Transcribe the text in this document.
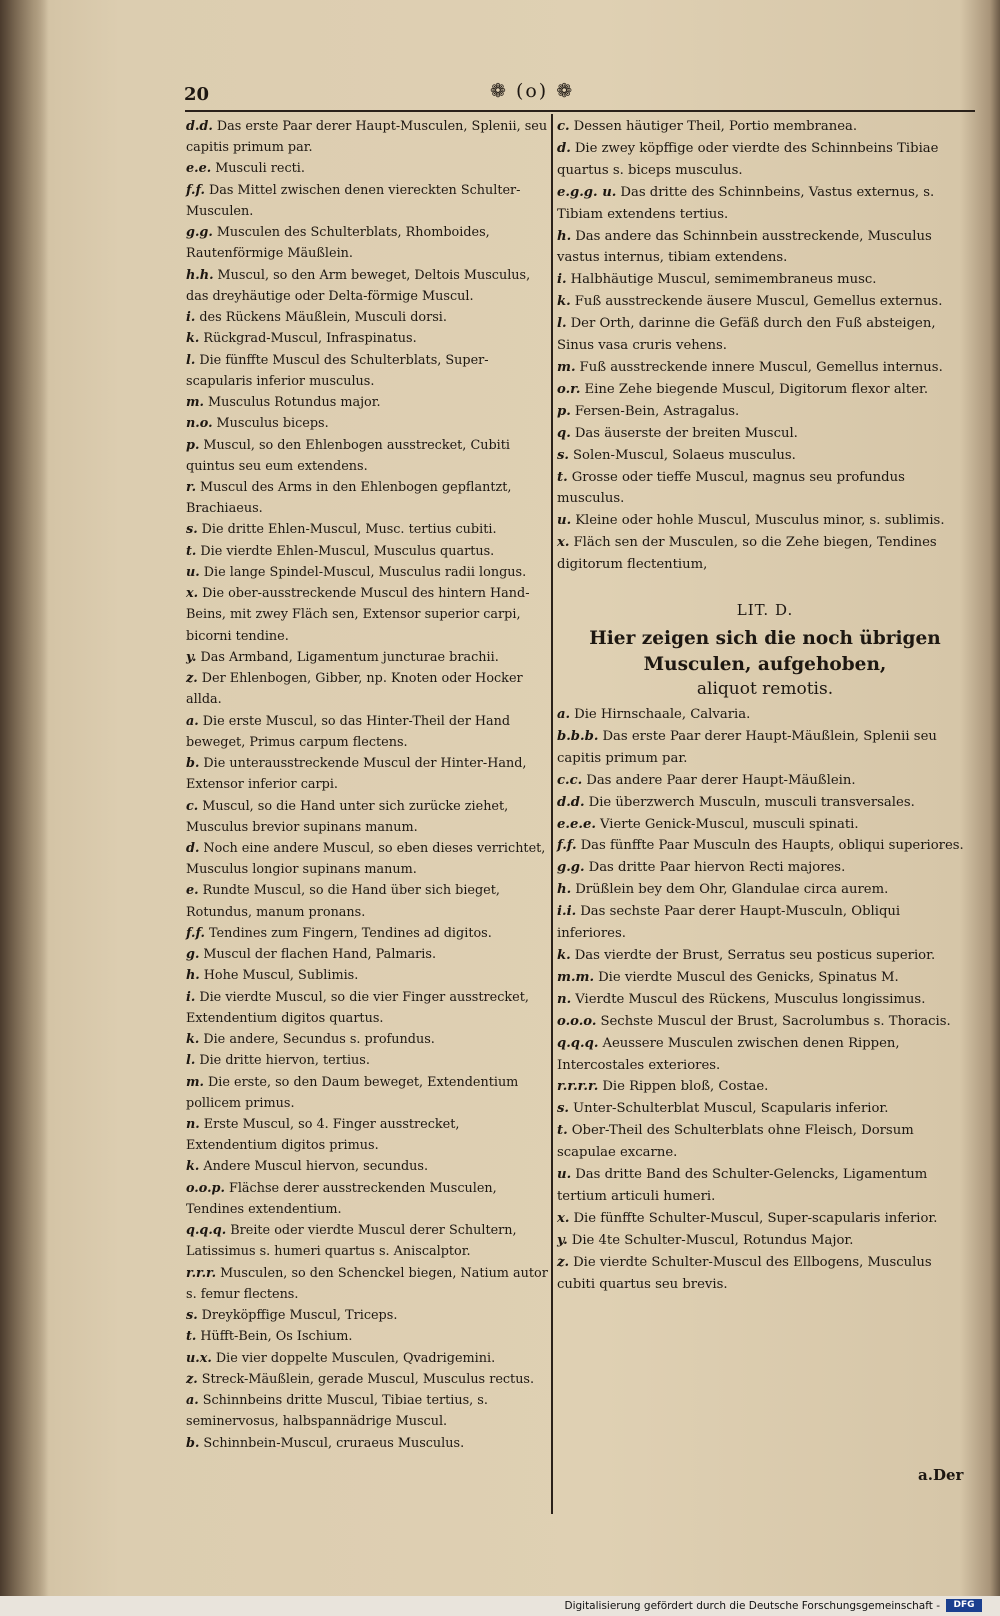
20	❁ (o) ❁
d.d. Das erste Paar derer Haupt-Musculen, Splenii, seu capitis primum par.
e.e. Musculi recti.
f.f. Das Mittel zwischen denen viereckten Schulter-Musculen.
g.g. Musculen des Schulterblats, Rhomboides, Rautenförmige Mäußlein.
h.h. Muscul, so den Arm beweget, Deltois Musculus, das dreyhäutige oder Delta-förmige Muscul.
i. des Rückens Mäußlein, Musculi dorsi.
k. Rückgrad-Muscul, Infraspinatus.
l. Die fünffte Muscul des Schulterblats, Super-scapularis inferior musculus.
m. Musculus Rotundus major.
n.o. Musculus biceps.
p. Muscul, so den Ehlenbogen ausstrecket, Cubiti quintus seu eum extendens.
r. Muscul des Arms in den Ehlenbogen gepflantzt, Brachiaeus.
s. Die dritte Ehlen-Muscul, Musc. tertius cubiti.
t. Die vierdte Ehlen-Muscul, Musculus quartus.
u. Die lange Spindel-Muscul, Musculus radii longus.
x. Die ober-ausstreckende Muscul des hintern Hand-Beins, mit zwey Fläch sen, Extensor superior carpi, bicorni tendine.
y. Das Armband, Ligamentum juncturae brachii.
z. Der Ehlenbogen, Gibber, np. Knoten oder Hocker allda.
a. Die erste Muscul, so das Hinter-Theil der Hand beweget, Primus carpum flectens.
b. Die unterausstreckende Muscul der Hinter-Hand, Extensor inferior carpi.
c. Muscul, so die Hand unter sich zurücke ziehet, Musculus brevior supinans manum.
d. Noch eine andere Muscul, so eben dieses verrichtet, Musculus longior supinans manum.
e. Rundte Muscul, so die Hand über sich bieget, Rotundus, manum pronans.
f.f. Tendines zum Fingern, Tendines ad digitos.
g. Muscul der flachen Hand, Palmaris.
h. Hohe Muscul, Sublimis.
i. Die vierdte Muscul, so die vier Finger ausstrecket, Extendentium digitos quartus.
k. Die andere, Secundus s. profundus.
l. Die dritte hiervon, tertius.
m. Die erste, so den Daum beweget, Extendentium pollicem primus.
n. Erste Muscul, so 4. Finger ausstrecket, Extendentium digitos primus.
k. Andere Muscul hiervon, secundus.
o.o.p. Flächse derer ausstreckenden Musculen, Tendines extendentium.
q.q.q. Breite oder vierdte Muscul derer Schultern, Latissimus s. humeri quartus s. Aniscalptor.
r.r.r. Musculen, so den Schenckel biegen, Natium autor s. femur flectens.
s. Dreyköpffige Muscul, Triceps.
t. Hüfft-Bein, Os Ischium.
u.x. Die vier doppelte Musculen, Qvadrigemini.
z. Streck-Mäußlein, gerade Muscul, Musculus rectus.
a. Schinnbeins dritte Muscul, Tibiae tertius, s. seminervosus, halbspannädrige Muscul.
b. Schinnbein-Muscul, cruraeus Musculus.
c. Dessen häutiger Theil, Portio membranea.
d. Die zwey köpffige oder vierdte des Schinnbeins Tibiae quartus s. biceps musculus.
e.g.g. u. Das dritte des Schinnbeins, Vastus externus, s. Tibiam extendens tertius.
h. Das andere das Schinnbein ausstreckende, Musculus vastus internus, tibiam extendens.
i. Halbhäutige Muscul, semimembraneus musc.
k. Fuß ausstreckende äusere Muscul, Gemellus externus.
l. Der Orth, darinne die Gefäß durch den Fuß absteigen, Sinus vasa cruris vehens.
m. Fuß ausstreckende innere Muscul, Gemellus internus.
o.r. Eine Zehe biegende Muscul, Digitorum flexor alter.
p. Fersen-Bein, Astragalus.
q. Das äuserste der breiten Muscul.
s. Solen-Muscul, Solaeus musculus.
t. Grosse oder tieffe Muscul, magnus seu profundus musculus.
u. Kleine oder hohle Muscul, Musculus minor, s. sublimis.
x. Fläch sen der Musculen, so die Zehe biegen, Tendines digitorum flectentium,
LIT. D.
Hier zeigen sich die noch übrigen Musculen, aufgehoben,
aliquot remotis.
a. Die Hirnschaale, Calvaria.
b.b.b. Das erste Paar derer Haupt-Mäußlein, Splenii seu capitis primum par.
c.c. Das andere Paar derer Haupt-Mäußlein.
d.d. Die überzwerch Musculn, musculi transversales.
e.e.e. Vierte Genick-Muscul, musculi spinati.
f.f. Das fünffte Paar Musculn des Haupts, obliqui superiores.
g.g. Das dritte Paar hiervon Recti majores.
h. Drüßlein bey dem Ohr, Glandulae circa aurem.
i.i. Das sechste Paar derer Haupt-Musculn, Obliqui inferiores.
k. Das vierdte der Brust, Serratus seu posticus superior.
m.m. Die vierdte Muscul des Genicks, Spinatus M.
n. Vierdte Muscul des Rückens, Musculus longissimus.
o.o.o. Sechste Muscul der Brust, Sacrolumbus s. Thoracis.
q.q.q. Aeussere Musculen zwischen denen Rippen, Intercostales exteriores.
r.r.r.r. Die Rippen bloß, Costae.
s. Unter-Schulterblat Muscul, Scapularis inferior.
t. Ober-Theil des Schulterblats ohne Fleisch, Dorsum scapulae excarne.
u. Das dritte Band des Schulter-Gelencks, Ligamentum tertium articuli humeri.
x. Die fünffte Schulter-Muscul, Super-scapularis inferior.
y. Die 4te Schulter-Muscul, Rotundus Major.
z. Die vierdte Schulter-Muscul des Ellbogens, Musculus cubiti quartus seu brevis.
a.Der
Digitalisierung gefördert durch die Deutsche Forschungsgemeinschaft -	DFG
